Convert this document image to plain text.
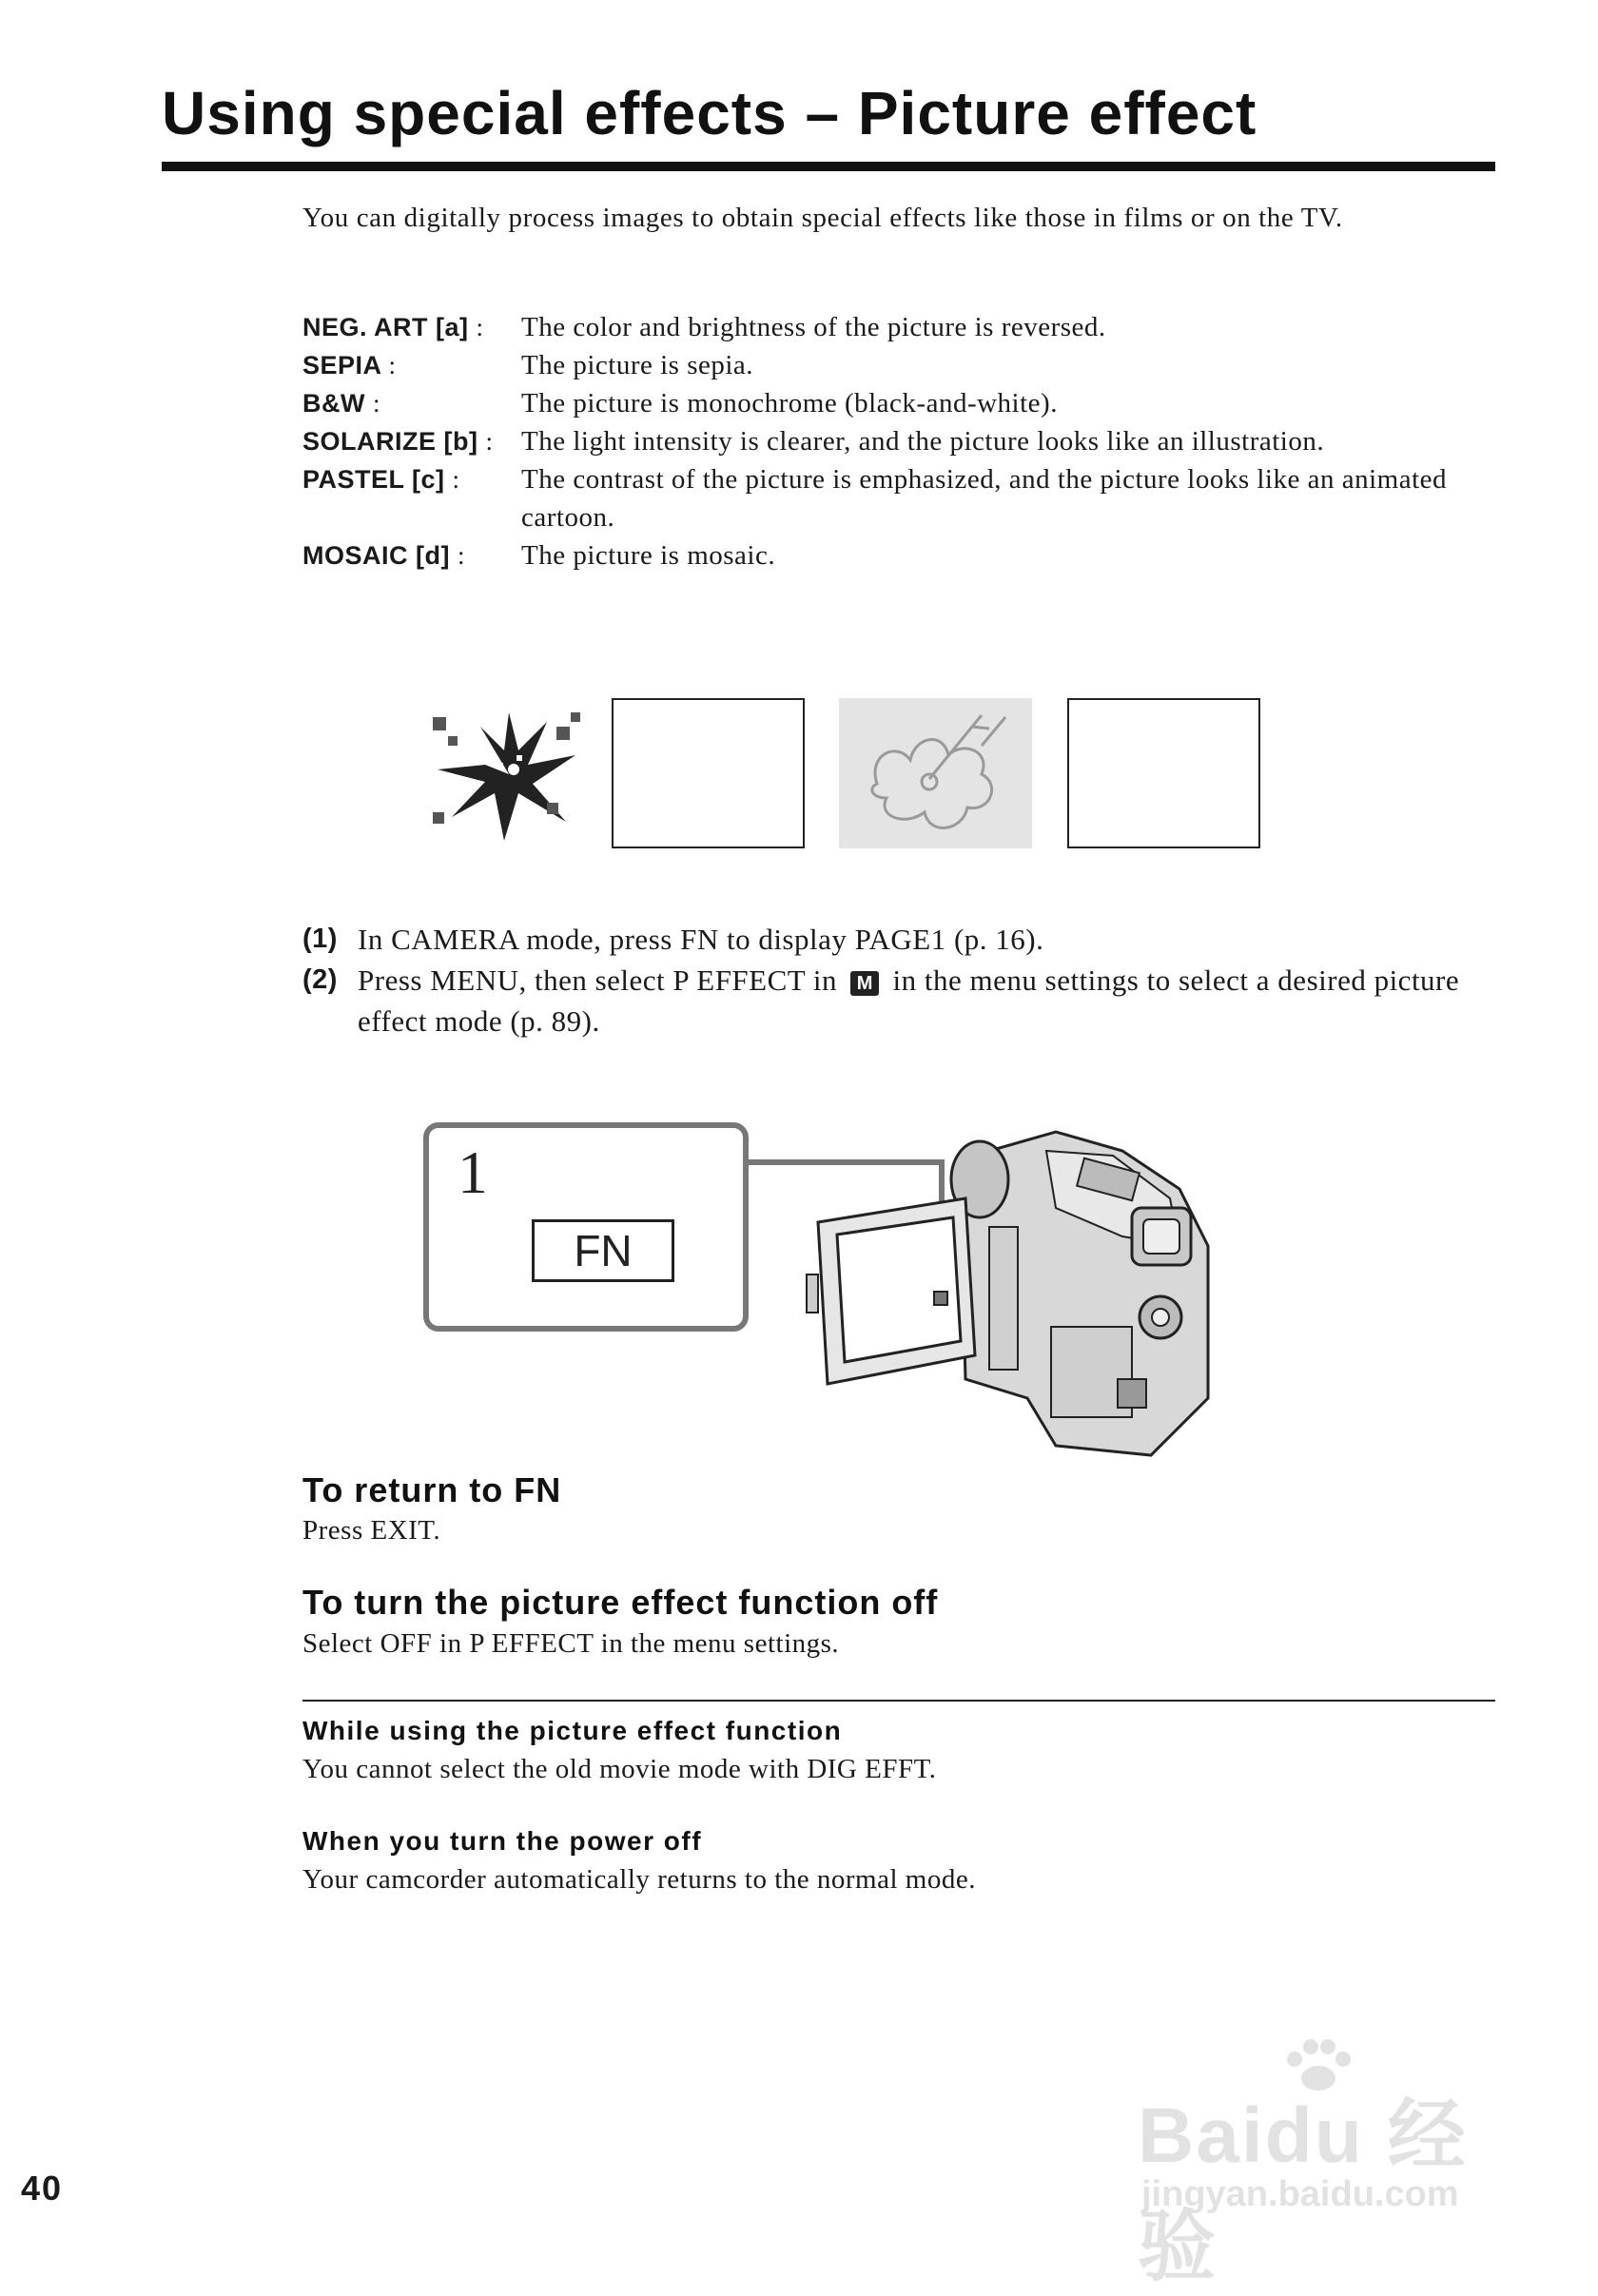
Using special effects – Picture effect
You can digitally process images to obtain special effects like those in films or on the TV.
NEG. ART [a] :	The color and brightness of the picture is reversed.
SEPIA :	The picture is sepia.
B&W :	The picture is monochrome (black-and-white).
SOLARIZE [b] :	The light intensity is clearer, and the picture looks like an illustration.
PASTEL [c] :	The contrast of the picture is emphasized, and the picture looks like an animated cartoon.
MOSAIC [d] :	The picture is mosaic.
(1) In CAMERA mode, press FN to display PAGE1 (p. 16).
(2) Press MENU, then select P EFFECT in M in the menu settings to select a desired picture effect mode (p. 89).
1
FN
To return to FN
Press EXIT.
To turn the picture effect function off
Select OFF in P EFFECT in the menu settings.
While using the picture effect function
You cannot select the old movie mode with DIG EFFT.
When you turn the power off
Your camcorder automatically returns to the normal mode.
40
Baidu 经验
jingyan.baidu.com
